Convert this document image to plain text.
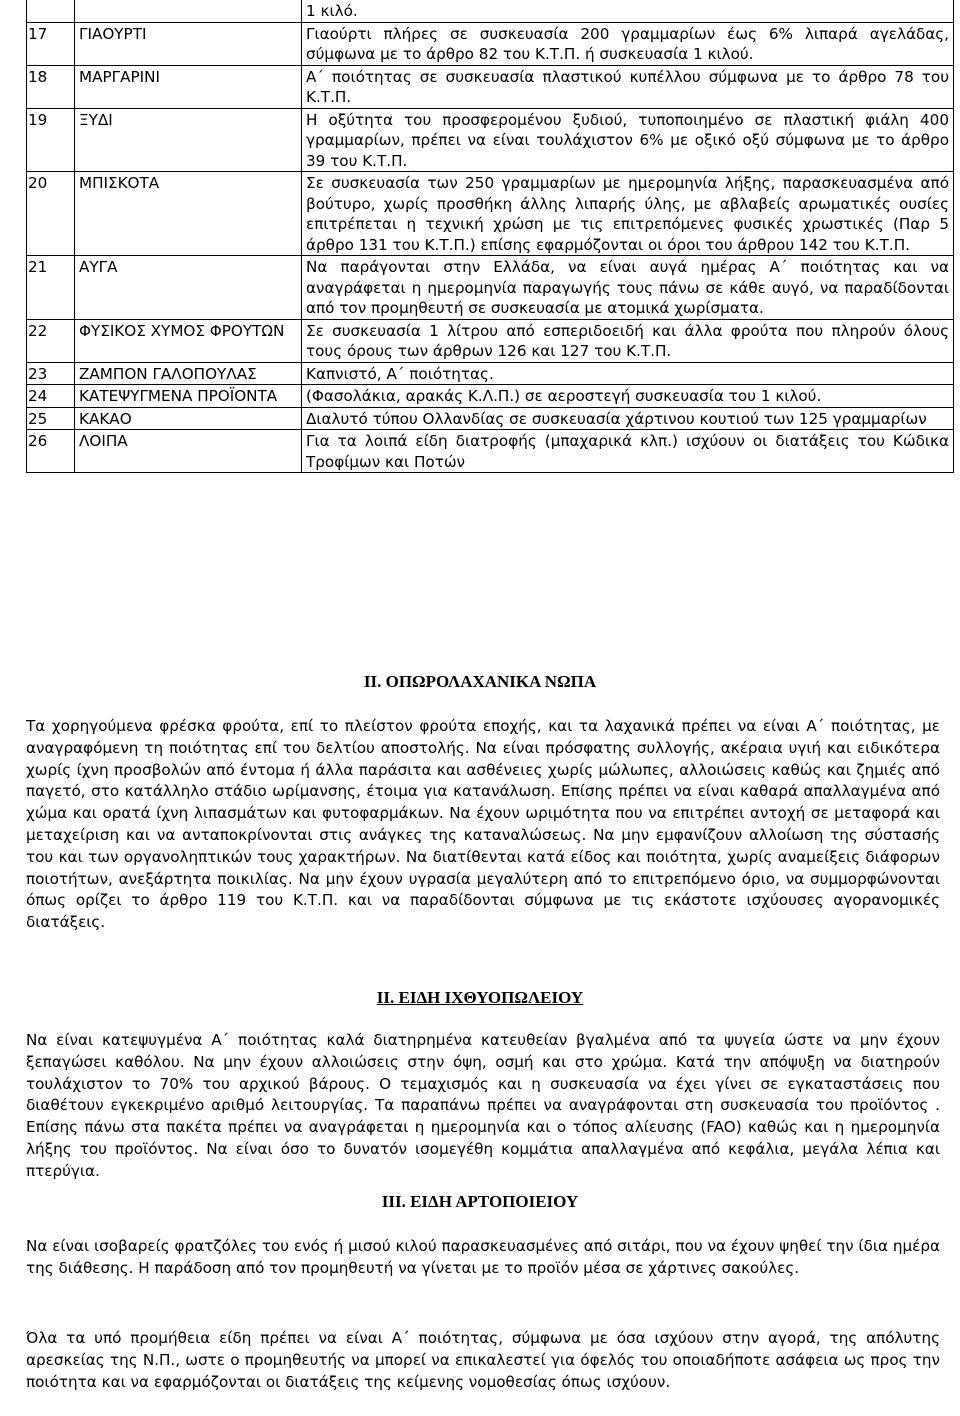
		1 κιλό.
17	ΓΙΑΟΥΡΤΙ	Γιαούρτι πλήρες σε συσκευασία 200 γραμμαρίων έως 6% λιπαρά αγελάδας, σύμφωνα με το άρθρο 82 του Κ.Τ.Π. ή συσκευασία 1 κιλού.
18	ΜΑΡΓΑΡΙΝΙ	Α΄ ποιότητας σε συσκευασία πλαστικού κυπέλλου σύμφωνα με το άρθρο 78 του Κ.Τ.Π.
19	ΞΥΔΙ	Η οξύτητα του προσφερομένου ξυδιού, τυποποιημένο σε πλαστική φιάλη 400 γραμμαρίων, πρέπει να είναι τουλάχιστον 6% με οξικό οξύ σύμφωνα με το άρθρο 39 του Κ.Τ.Π.
20	ΜΠΙΣΚΟΤΑ	Σε συσκευασία των 250 γραμμαρίων με ημερομηνία λήξης, παρασκευασμένα από βούτυρο, χωρίς προσθήκη άλλης λιπαρής ύλης, με αβλαβείς αρωματικές ουσίες επιτρέπεται η τεχνική χρώση με τις επιτρεπόμενες φυσικές χρωστικές (Παρ 5 άρθρο 131 του Κ.Τ.Π.) επίσης εφαρμόζονται οι όροι του άρθρου 142 του Κ.Τ.Π.
21	ΑΥΓΑ	Να παράγονται στην Ελλάδα, να είναι αυγά ημέρας Α΄ ποιότητας και να αναγράφεται η ημερομηνία παραγωγής τους πάνω σε κάθε αυγό, να παραδίδονται από τον προμηθευτή σε συσκευασία με ατομικά χωρίσματα.
22	ΦΥΣΙΚΟΣ ΧΥΜΟΣ ΦΡΟΥΤΩΝ	Σε συσκευασία 1 λίτρου από εσπεριδοειδή και άλλα φρούτα που πληρούν όλους τους όρους των άρθρων 126 και 127 του Κ.Τ.Π.
23	ΖΑΜΠΟΝ ΓΑΛΟΠΟΥΛΑΣ	Καπνιστό, Α΄ ποιότητας.
24	ΚΑΤΕΨΥΓΜΕΝΑ ΠΡΟΪΟΝΤΑ	(Φασολάκια, αρακάς Κ.Λ.Π.) σε αεροστεγή συσκευασία του 1 κιλού.
25	ΚΑΚΑΟ	Διαλυτό τύπου Ολλανδίας σε συσκευασία χάρτινου κουτιού των 125 γραμμαρίων
26	ΛΟΙΠΑ	Για τα λοιπά είδη διατροφής (μπαχαρικά κλπ.) ισχύουν οι διατάξεις του Κώδικα Τροφίμων και Ποτών
ΙΙ. ΟΠΩΡΟΛΑΧΑΝΙΚΑ ΝΩΠΑ

Τα χορηγούμενα φρέσκα φρούτα, επί το πλείστον φρούτα εποχής, και τα λαχανικά πρέπει να είναι Α΄ ποιότητας, με αναγραφόμενη τη ποιότητας επί του δελτίου αποστολής. Να είναι πρόσφατης συλλογής, ακέραια υγιή και ειδικότερα χωρίς ίχνη προσβολών από έντομα ή άλλα παράσιτα και ασθένειες χωρίς μώλωπες, αλλοιώσεις καθώς και ζημιές από παγετό, στο κατάλληλο στάδιο ωρίμανσης, έτοιμα για κατανάλωση. Επίσης πρέπει να είναι καθαρά απαλλαγμένα από χώμα και ορατά ίχνη λιπασμάτων και φυτοφαρμάκων. Να έχουν ωριμότητα που να επιτρέπει αντοχή σε μεταφορά και μεταχείριση και να ανταποκρίνονται στις ανάγκες της καταναλώσεως. Να μην εμφανίζουν αλλοίωση της σύστασής του και των οργανοληπτικών τους χαρακτήρων. Να διατίθενται κατά είδος και ποιότητα, χωρίς αναμείξεις διάφορων ποιοτήτων, ανεξάρτητα ποικιλίας. Να μην έχουν υγρασία μεγαλύτερη από το επιτρεπόμενο όριο, να συμμορφώνονται όπως ορίζει το άρθρο 119 του Κ.Τ.Π. και να παραδίδονται σύμφωνα με τις εκάστοτε ισχύουσες αγορανομικές διατάξεις.

ΙΙ. ΕΙΔΗ ΙΧΘΥΟΠΩΛΕΙΟΥ

Να είναι κατεψυγμένα Α΄ ποιότητας καλά διατηρημένα κατευθείαν βγαλμένα από τα ψυγεία ώστε να μην έχουν ξεπαγώσει καθόλου. Να μην έχουν αλλοιώσεις στην όψη, οσμή και στο χρώμα. Κατά την απόψυξη να διατηρούν τουλάχιστον το 70% του αρχικού βάρους. Ο τεμαχισμός και η συσκευασία να έχει γίνει σε εγκαταστάσεις που διαθέτουν εγκεκριμένο αριθμό λειτουργίας. Τα παραπάνω πρέπει να αναγράφονται στη συσκευασία του προϊόντος . Επίσης πάνω στα πακέτα πρέπει να αναγράφεται η ημερομηνία και ο τόπος αλίευσης (FAO) καθώς και η ημερομηνία λήξης του προϊόντος. Να είναι όσο το δυνατόν ισομεγέθη κομμάτια απαλλαγμένα από κεφάλια, μεγάλα λέπια και πτερύγια.

ΙΙΙ. ΕΙΔΗ ΑΡΤΟΠΟΙΕΙΟΥ

Να είναι ισοβαρείς φρατζόλες του ενός ή μισού κιλού παρασκευασμένες από σιτάρι, που να έχουν ψηθεί την ίδια ημέρα της διάθεσης. Η παράδοση από τον προμηθευτή να γίνεται με το προϊόν μέσα σε χάρτινες σακούλες.

Όλα τα υπό προμήθεια είδη πρέπει να είναι Α΄ ποιότητας, σύμφωνα με όσα ισχύουν στην αγορά, της απόλυτης αρεσκείας της Ν.Π., ωστε ο προμηθευτής να μπορεί να επικαλεστεί για όφελός του οποιαδήποτε ασάφεια ως προς την ποιότητα και να εφαρμόζονται οι διατάξεις της κείμενης νομοθεσίας όπως ισχύουν.
